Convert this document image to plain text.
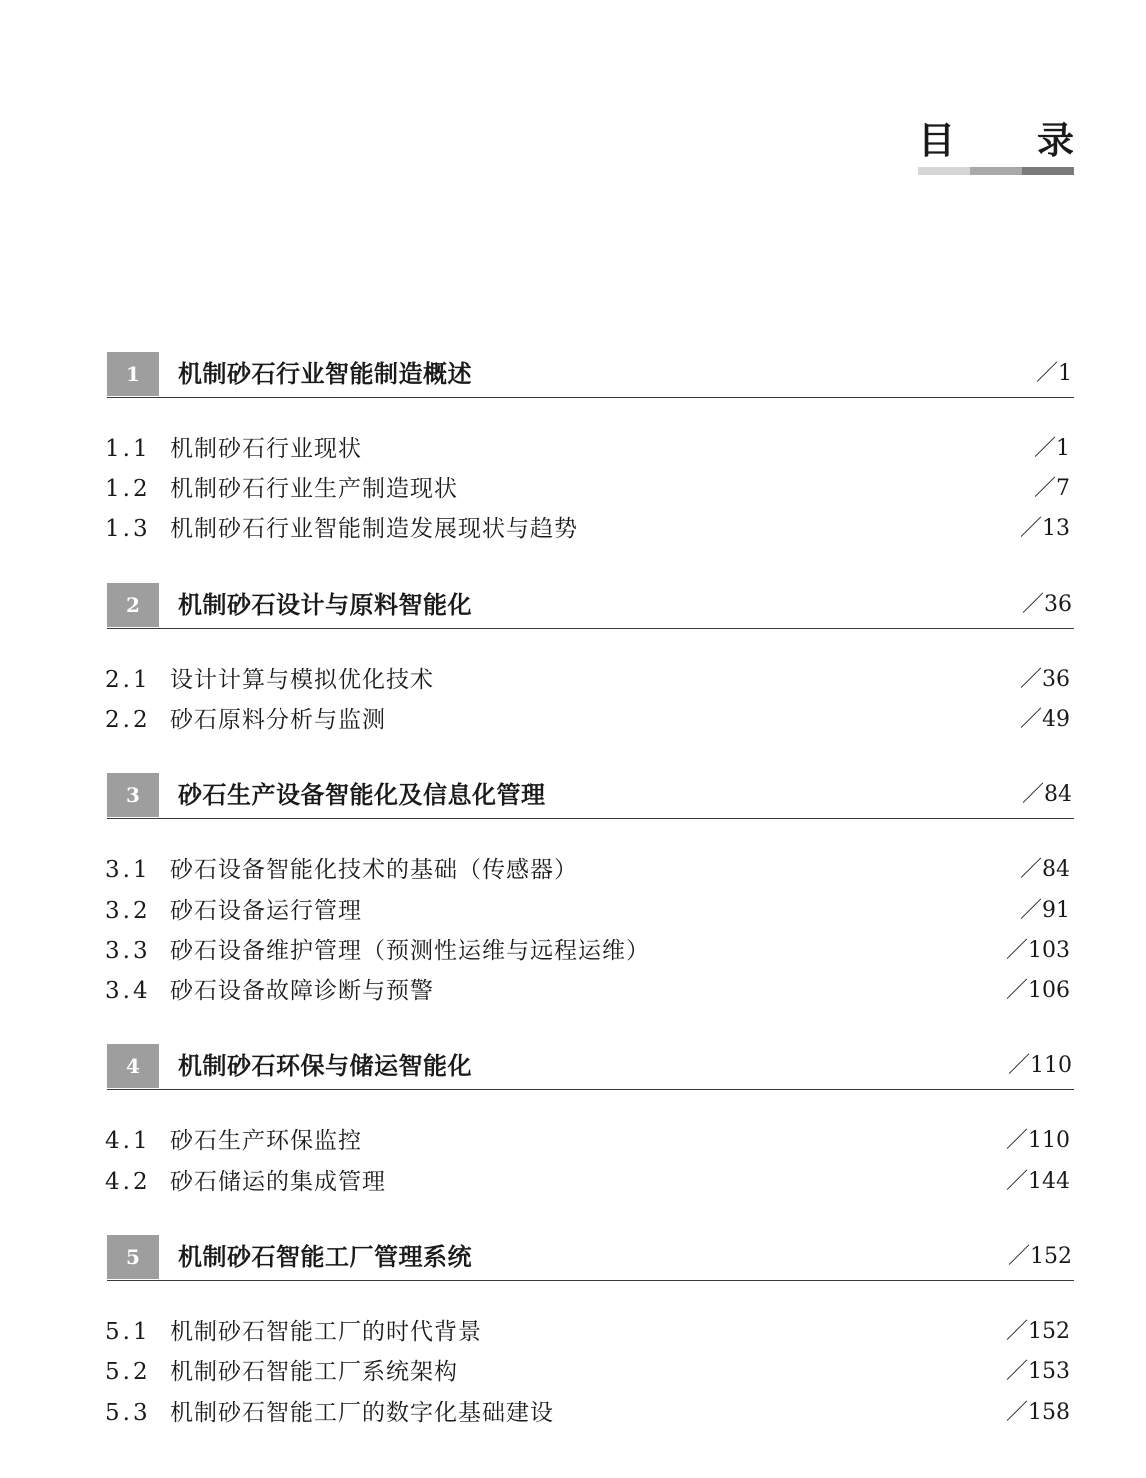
目 录
1	机制砂石行业智能制造概述	／1
1.1 机制砂石行业现状	／1
1.2 机制砂石行业生产制造现状	／7
1.3 机制砂石行业智能制造发展现状与趋势	／13
2	机制砂石设计与原料智能化	／36
2.1 设计计算与模拟优化技术	／36
2.2 砂石原料分析与监测	／49
3	砂石生产设备智能化及信息化管理	／84
3.1 砂石设备智能化技术的基础（传感器）	／84
3.2 砂石设备运行管理	／91
3.3 砂石设备维护管理（预测性运维与远程运维）	／103
3.4 砂石设备故障诊断与预警	／106
4	机制砂石环保与储运智能化	／110
4.1 砂石生产环保监控	／110
4.2 砂石储运的集成管理	／144
5	机制砂石智能工厂管理系统	／152
5.1 机制砂石智能工厂的时代背景	／152
5.2 机制砂石智能工厂系统架构	／153
5.3 机制砂石智能工厂的数字化基础建设	／158
